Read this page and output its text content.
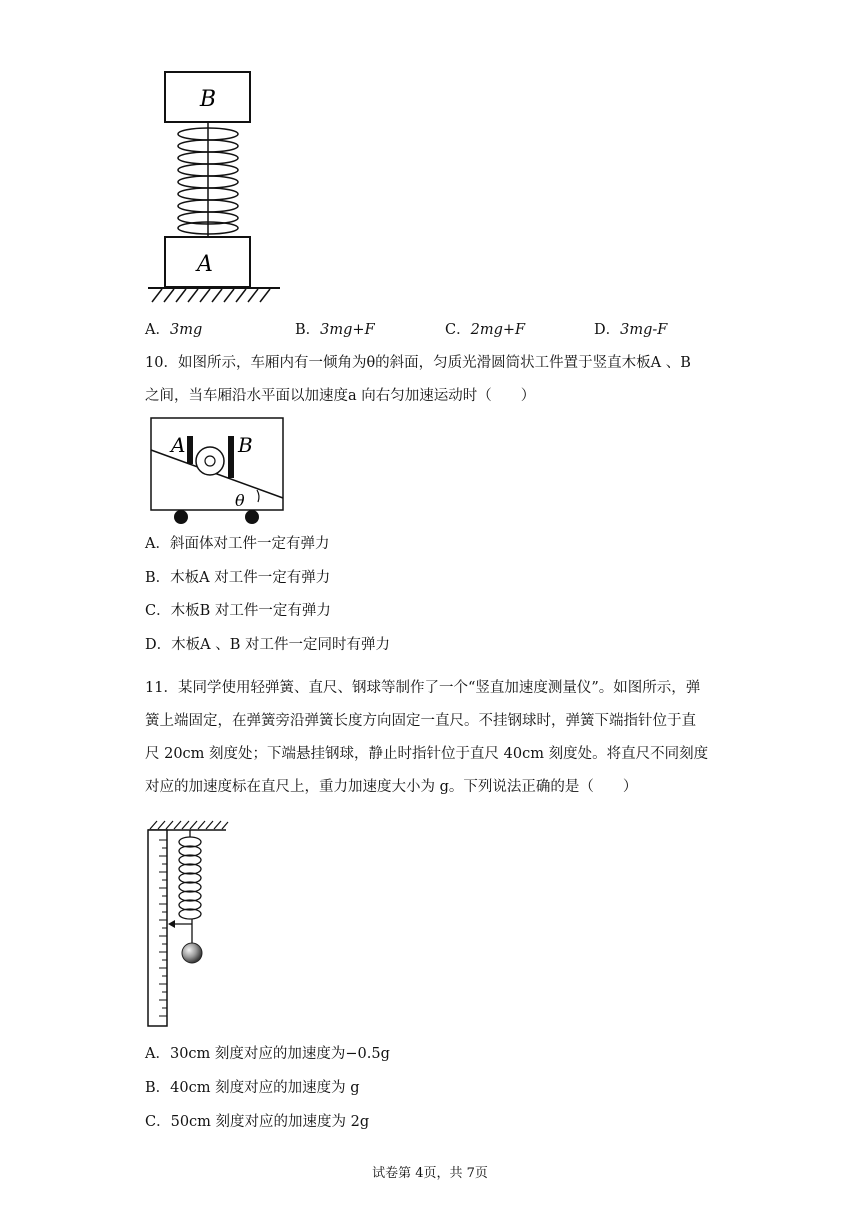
B
A
A．3mg	B．3mg+F	C．2mg+F	D．3mg-F
10．如图所示，车厢内有一倾角为θ的斜面，匀质光滑圆筒状工件置于竖直木板A 、B
之间，当车厢沿水平面以加速度a 向右匀加速运动时（　　）
A	B
θ
A．斜面体对工件一定有弹力
B．木板A 对工件一定有弹力
C．木板B 对工件一定有弹力
D．木板A 、B 对工件一定同时有弹力
11．某同学使用轻弹簧、直尺、钢球等制作了一个“竖直加速度测量仪”。如图所示，弹
簧上端固定，在弹簧旁沿弹簧长度方向固定一直尺。不挂钢球时，弹簧下端指针位于直
尺 20cm 刻度处；下端悬挂钢球，静止时指针位于直尺 40cm 刻度处。将直尺不同刻度
对应的加速度标在直尺上，重力加速度大小为 g。下列说法正确的是（　　）
A．30cm 刻度对应的加速度为−0.5g
B．40cm 刻度对应的加速度为 g
C．50cm 刻度对应的加速度为 2g
试卷第 4页，共 7页
